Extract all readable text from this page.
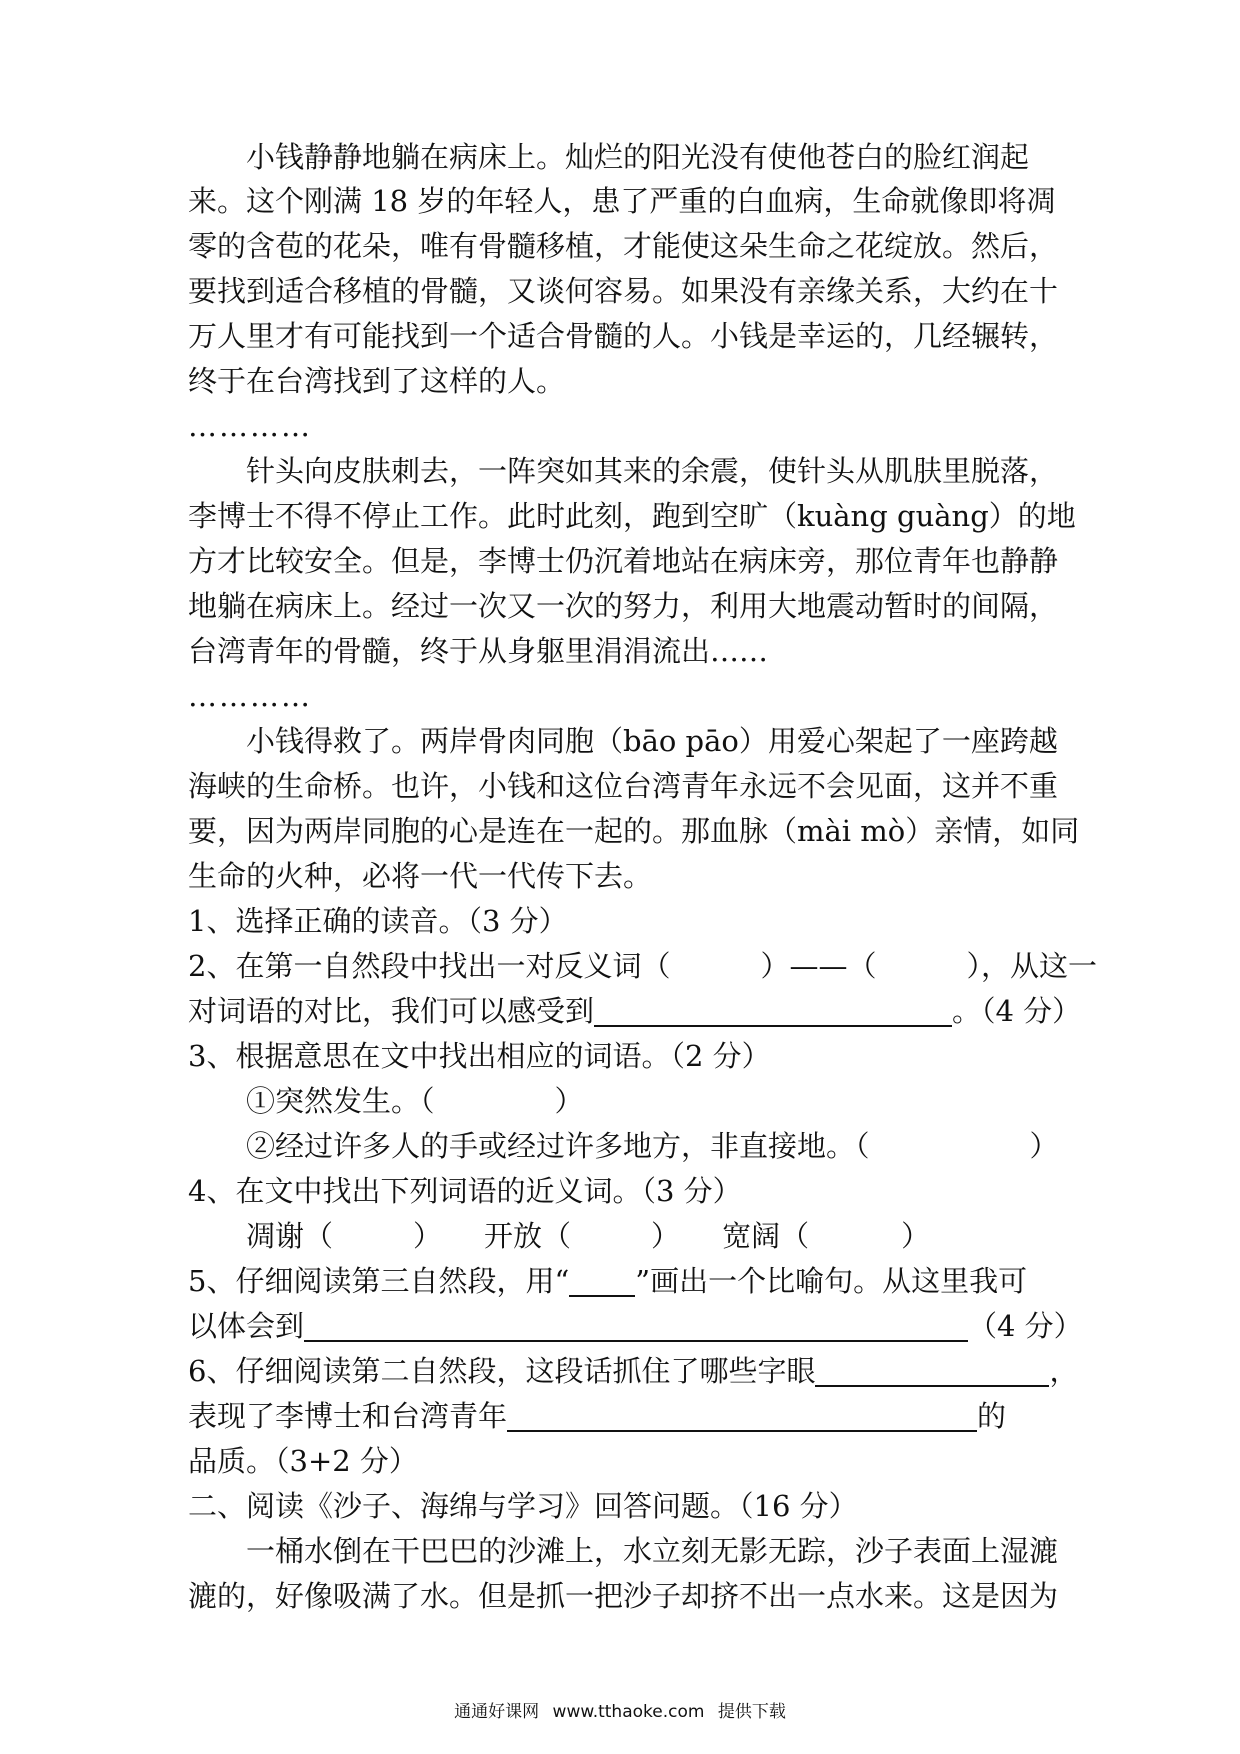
小钱静静地躺在病床上。灿烂的阳光没有使他苍白的脸红润起
来。这个刚满 18 岁的年轻人，患了严重的白血病，生命就像即将凋
零的含苞的花朵，唯有骨髓移植，才能使这朵生命之花绽放。然后，
要找到适合移植的骨髓，又谈何容易。如果没有亲缘关系，大约在十
万人里才有可能找到一个适合骨髓的人。小钱是幸运的，几经辗转，
终于在台湾找到了这样的人。
…………
针头向皮肤刺去，一阵突如其来的余震，使针头从肌肤里脱落，
李博士不得不停止工作。此时此刻，跑到空旷（kuàng guàng）的地
方才比较安全。但是，李博士仍沉着地站在病床旁，那位青年也静静
地躺在病床上。经过一次又一次的努力，利用大地震动暂时的间隔，
台湾青年的骨髓，终于从身躯里涓涓流出……
…………
小钱得救了。两岸骨肉同胞（bāo pāo）用爱心架起了一座跨越
海峡的生命桥。也许，小钱和这位台湾青年永远不会见面，这并不重
要，因为两岸同胞的心是连在一起的。那血脉（mài mò）亲情，如同
生命的火种，必将一代一代传下去。
1、选择正确的读音。（3 分）
2、在第一自然段中找出一对反义词（	）——（	），从这一
对词语的对比，我们可以感受到	。（4 分）
3、根据意思在文中找出相应的词语。（2 分）
①突然发生。（	）
②经过许多人的手或经过许多地方，非直接地。（	）
4、在文中找出下列词语的近义词。（3 分）
凋谢（	） 开放（	） 宽阔（	）
5、仔细阅读第三自然段，用“ ”画出一个比喻句。从这里我可
以体会到	（4 分）
6、仔细阅读第二自然段，这段话抓住了哪些字眼	，
表现了李博士和台湾青年	的
品质。（3+2 分）
二、阅读《沙子、海绵与学习》回答问题。（16 分）
一桶水倒在干巴巴的沙滩上，水立刻无影无踪，沙子表面上湿漉
漉的，好像吸满了水。但是抓一把沙子却挤不出一点水来。这是因为
通通好课网 www.tthaoke.com 提供下载
